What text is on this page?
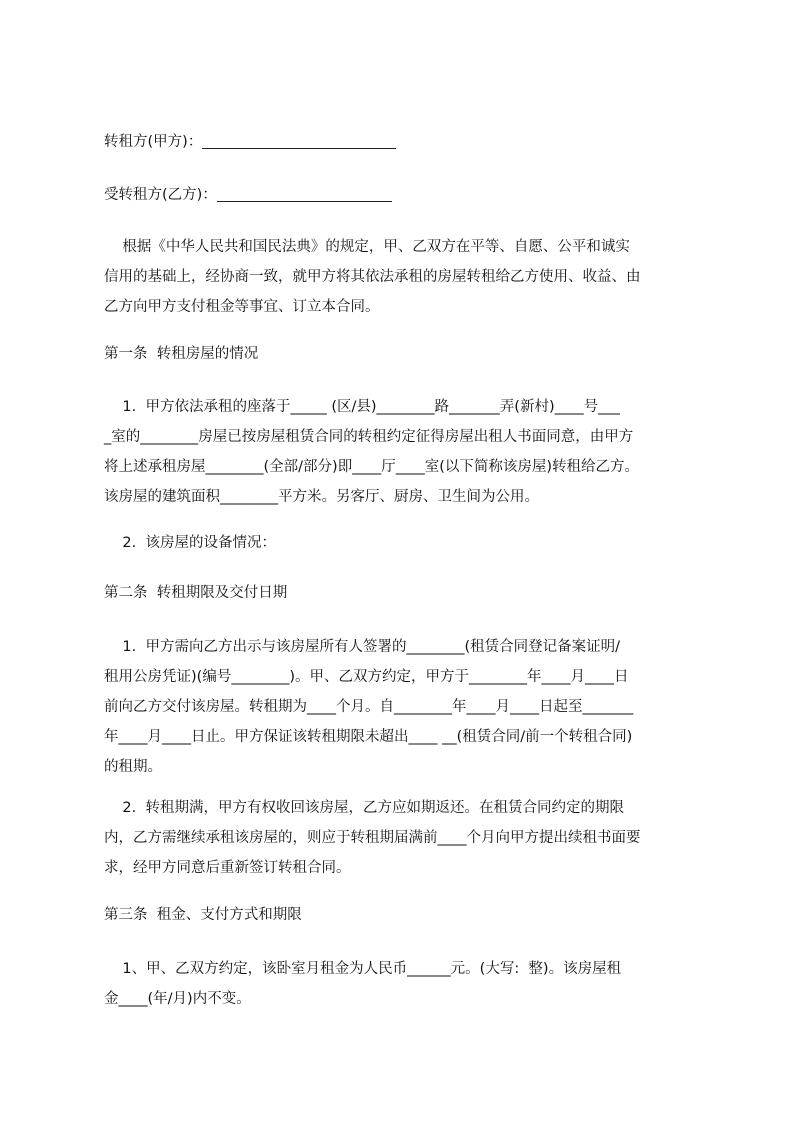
转租方(甲方)：
受转租方(乙方)：
根据《中华人民共和国民法典》的规定，甲、乙双方在平等、自愿、公平和诚实
信用的基础上，经协商一致，就甲方将其依法承租的房屋转租给乙方使用、收益、由
乙方向甲方支付租金等事宜、订立本合同。
第一条  转租房屋的情况
1.  甲方依法承租的座落于_____ (区/县)________路_______弄(新村)____号___
_室的________房屋已按房屋租赁合同的转租约定征得房屋出租人书面同意，由甲方
将上述承租房屋________(全部/部分)即____厅____室(以下简称该房屋)转租给乙方。
该房屋的建筑面积________平方米。另客厅、厨房、卫生间为公用。
2.  该房屋的设备情况：
第二条  转租期限及交付日期
1.  甲方需向乙方出示与该房屋所有人签署的________(租赁合同登记备案证明/
租用公房凭证)(编号________)。甲、乙双方约定，甲方于________年____月____日
前向乙方交付该房屋。转租期为____个月。自________年____月____日起至_______
年____月____日止。甲方保证该转租期限未超出____ __(租赁合同/前一个转租合同)
的租期。
2.  转租期满，甲方有权收回该房屋，乙方应如期返还。在租赁合同约定的期限
内，乙方需继续承租该房屋的，则应于转租期届满前____个月向甲方提出续租书面要
求，经甲方同意后重新签订转租合同。
第三条  租金、支付方式和期限
1、甲、乙双方约定，该卧室月租金为人民币______元。(大写:  整)。该房屋租
金____(年/月)内不变。
